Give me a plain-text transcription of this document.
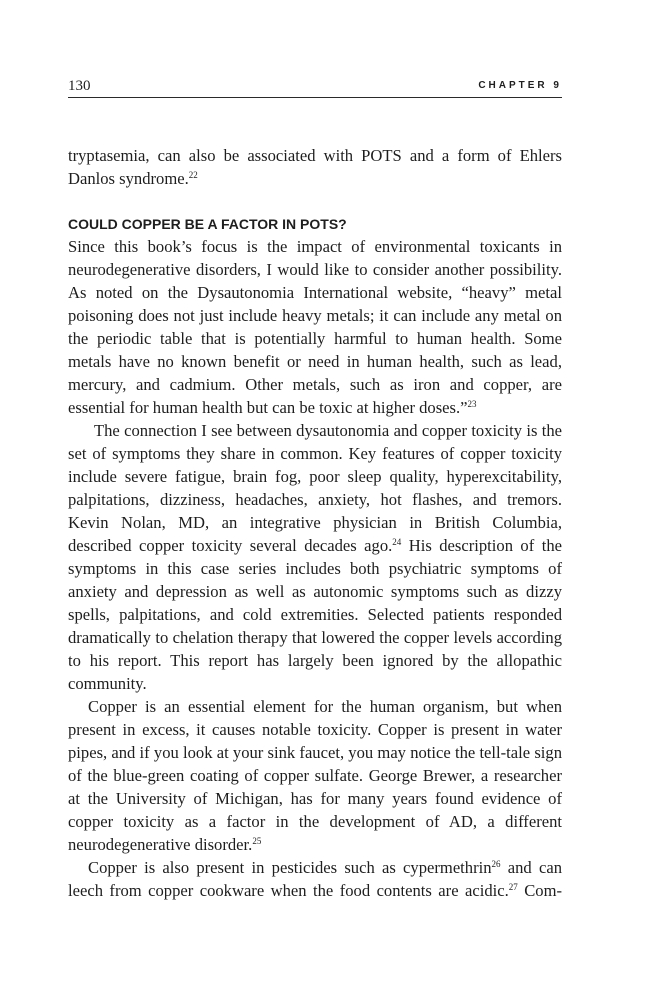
130	CHAPTER 9

tryptasemia, can also be associated with POTS and a form of Ehlers Danlos syndrome.$^{22}$

COULD COPPER BE A FACTOR IN POTS?

Since this book’s focus is the impact of environmental toxicants in neurodegenerative disorders, I would like to consider another possibility. As noted on the Dysautonomia International website, “heavy” metal poisoning does not just include heavy metals; it can include any metal on the periodic table that is potentially harmful to human health. Some metals have no known benefit or need in human health, such as lead, mercury, and cadmium. Other metals, such as iron and copper, are essential for human health but can be toxic at higher doses.”$^{23}$

The connection I see between dysautonomia and copper toxicity is the set of symptoms they share in common. Key features of copper toxicity include severe fatigue, brain fog, poor sleep quality, hyperexcitability, palpitations, dizziness, headaches, anxiety, hot flashes, and tremors. Kevin Nolan, MD, an integrative physician in British Columbia, described copper toxicity several decades ago.$^{24}$ His description of the symptoms in this case series includes both psychiatric symptoms of anxiety and depression as well as autonomic symptoms such as dizzy spells, palpitations, and cold extremities. Selected patients responded dramatically to chelation therapy that lowered the copper levels according to his report. This report has largely been ignored by the allopathic community.

Copper is an essential element for the human organism, but when present in excess, it causes notable toxicity. Copper is present in water pipes, and if you look at your sink faucet, you may notice the tell-tale sign of the blue-green coating of copper sulfate. George Brewer, a researcher at the University of Michigan, has for many years found evidence of copper toxicity as a factor in the development of AD, a different neurodegenerative disorder.$^{25}$

Copper is also present in pesticides such as cypermethrin$^{26}$ and can leech from copper cookware when the food contents are acidic.$^{27}$ Com-
